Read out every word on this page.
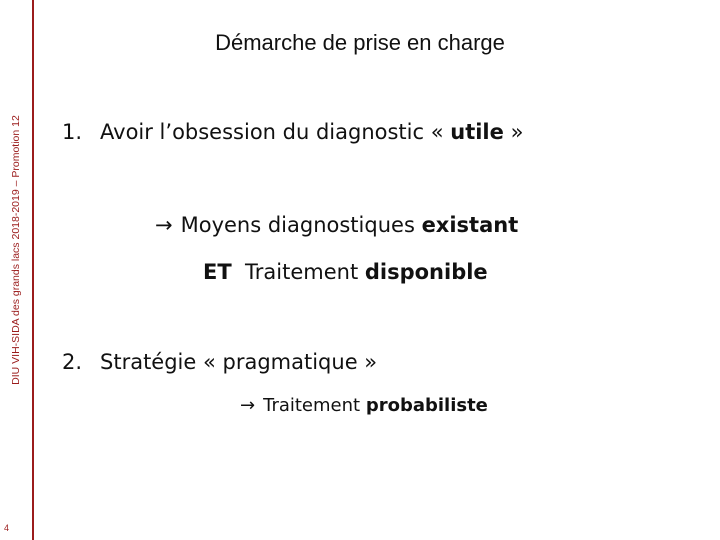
DIU VIH-SIDA des grands lacs 2018-2019 – Promotion 12
4
Démarche de prise en charge
1. Avoir l’obsession du diagnostic « utile »
→ Moyens diagnostiques existant
ET  Traitement disponible
2. Stratégie « pragmatique »
→ Traitement probabiliste
